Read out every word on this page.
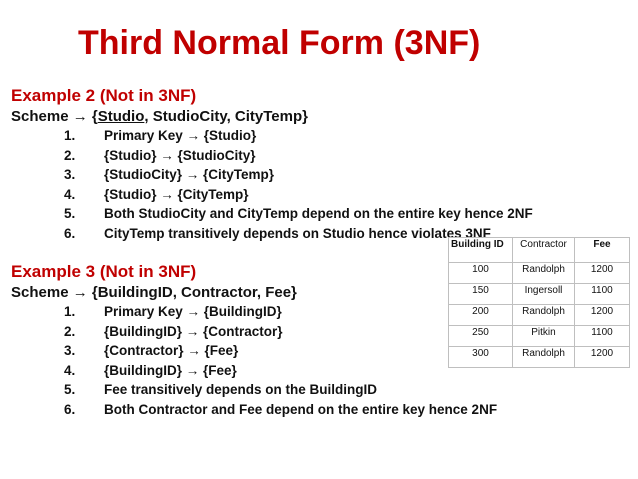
Third Normal Form (3NF)
Example 2 (Not in 3NF)
Scheme → {Studio, StudioCity, CityTemp}
1.	Primary Key → {Studio}
2.	{Studio} → {StudioCity}
3.	{StudioCity} → {CityTemp}
4.	{Studio} → {CityTemp}
5.	Both StudioCity and CityTemp depend on the entire key hence 2NF
6.	CityTemp transitively depends on Studio hence violates 3NF
Example 3 (Not in 3NF)
Scheme → {BuildingID, Contractor, Fee}
1.	Primary Key → {BuildingID}
2.	{BuildingID} → {Contractor}
3.	{Contractor} → {Fee}
4.	{BuildingID} → {Fee}
5.	Fee transitively depends on the BuildingID
6.	Both Contractor and Fee depend on the entire key hence 2NF
Building ID	Contractor	Fee
100	Randolph	1200
150	Ingersoll	1100
200	Randolph	1200
250	Pitkin	1100
300	Randolph	1200
